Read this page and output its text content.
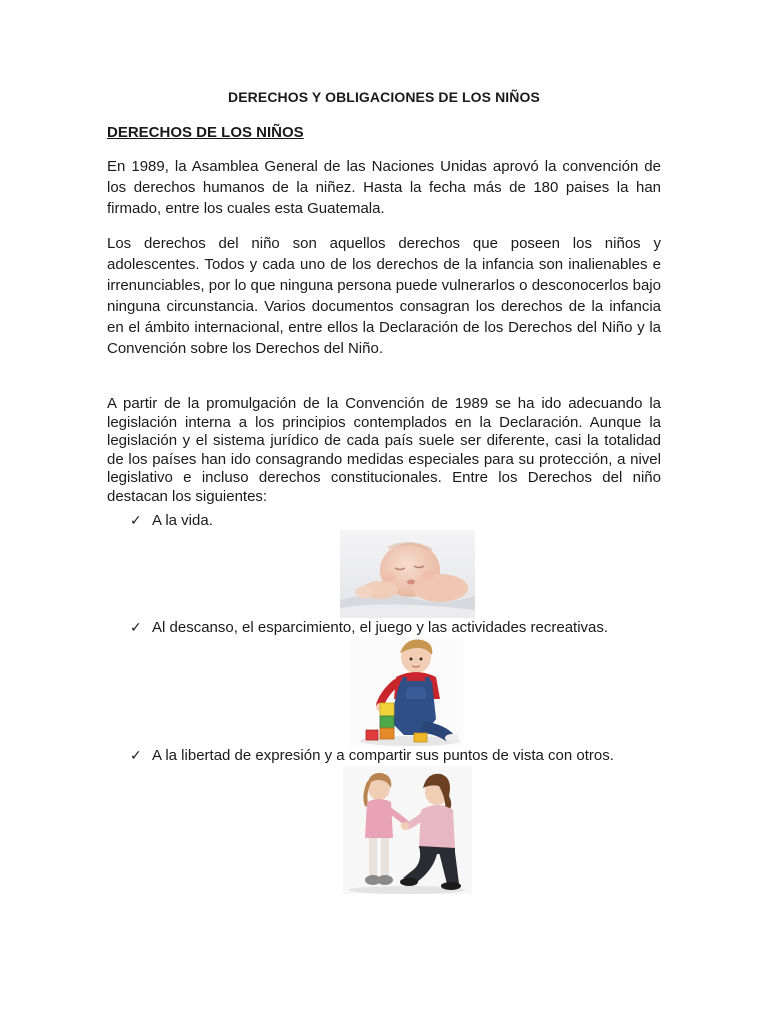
DERECHOS Y OBLIGACIONES DE LOS NIÑOS
DERECHOS DE LOS NIÑOS

En 1989, la Asamblea General de las Naciones Unidas aprovó la convención de los derechos humanos de la niñez. Hasta la fecha más de 180 paises la han firmado, entre los cuales esta Guatemala.

Los derechos del niño son aquellos derechos que poseen los niños y adolescentes. Todos y cada uno de los derechos de la infancia son inalienables e irrenunciables, por lo que ninguna persona puede vulnerarlos o desconocerlos bajo ninguna circunstancia. Varios documentos consagran los derechos de la infancia en el ámbito internacional, entre ellos la Declaración de los Derechos del Niño y la Convención sobre los Derechos del Niño.

A partir de la promulgación de la Convención de 1989 se ha ido adecuando la legislación interna a los principios contemplados en la Declaración. Aunque la legislación y el sistema jurídico de cada país suele ser diferente, casi la totalidad de los países han ido consagrando medidas especiales para su protección, a nivel legislativo e incluso derechos constitucionales. Entre los Derechos del niño destacan los siguientes:

✓ A la vida.
✓ Al descanso, el esparcimiento, el juego y las actividades recreativas.
✓ A la libertad de expresión y a compartir sus puntos de vista con otros.
